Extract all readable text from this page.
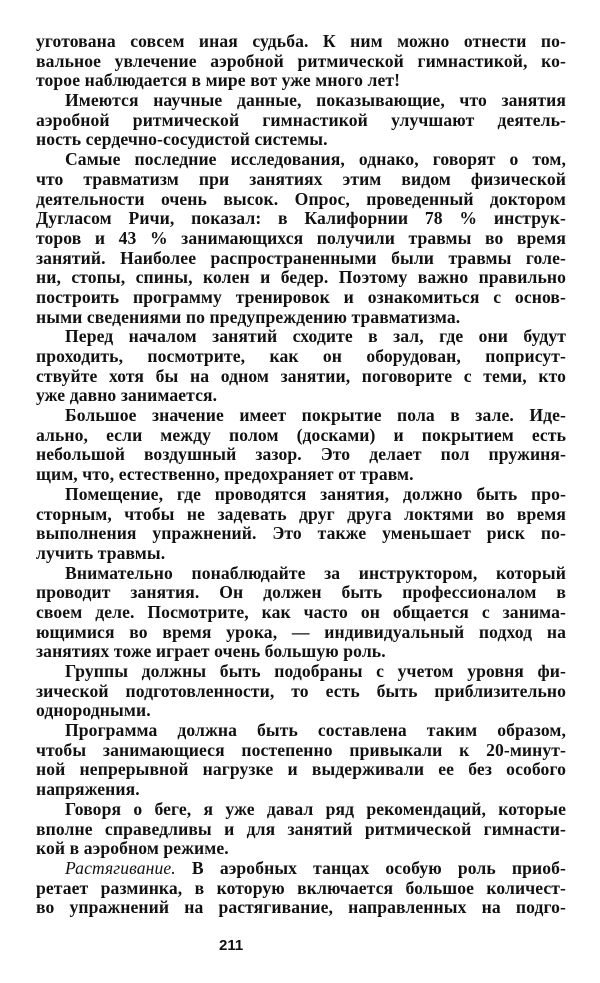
уготована совсем иная судьба. К ним можно отнести по-
вальное увлечение аэробной ритмической гимнастикой, ко-
торое наблюдается в мире вот уже много лет!
Имеются научные данные, показывающие, что занятия
аэробной ритмической гимнастикой улучшают деятель-
ность сердечно-сосудистой системы.
Самые последние исследования, однако, говорят о том,
что травматизм при занятиях этим видом физической
деятельности очень высок. Опрос, проведенный доктором
Дугласом Ричи, показал: в Калифорнии 78 % инструк-
торов и 43 % занимающихся получили травмы во время
занятий. Наиболее распространенными были травмы голе-
ни, стопы, спины, колен и бедер. Поэтому важно правильно
построить программу тренировок и ознакомиться с основ-
ными сведениями по предупреждению травматизма.
Перед началом занятий сходите в зал, где они будут
проходить, посмотрите, как он оборудован, поприсут-
ствуйте хотя бы на одном занятии, поговорите с теми, кто
уже давно занимается.
Большое значение имеет покрытие пола в зале. Иде-
ально, если между полом (досками) и покрытием есть
небольшой воздушный зазор. Это делает пол пружиня-
щим, что, естественно, предохраняет от травм.
Помещение, где проводятся занятия, должно быть про-
сторным, чтобы не задевать друг друга локтями во время
выполнения упражнений. Это также уменьшает риск по-
лучить травмы.
Внимательно понаблюдайте за инструктором, который
проводит занятия. Он должен быть профессионалом в
своем деле. Посмотрите, как часто он общается с занима-
ющимися во время урока, — индивидуальный подход на
занятиях тоже играет очень большую роль.
Группы должны быть подобраны с учетом уровня фи-
зической подготовленности, то есть быть приблизительно
однородными.
Программа должна быть составлена таким образом,
чтобы занимающиеся постепенно привыкали к 20-минут-
ной непрерывной нагрузке и выдерживали ее без особого
напряжения.
Говоря о беге, я уже давал ряд рекомендаций, которые
вполне справедливы и для занятий ритмической гимнасти-
кой в аэробном режиме.
Растягивание. В аэробных танцах особую роль приоб-
ретает разминка, в которую включается большое количест-
во упражнений на растягивание, направленных на подго-
211
